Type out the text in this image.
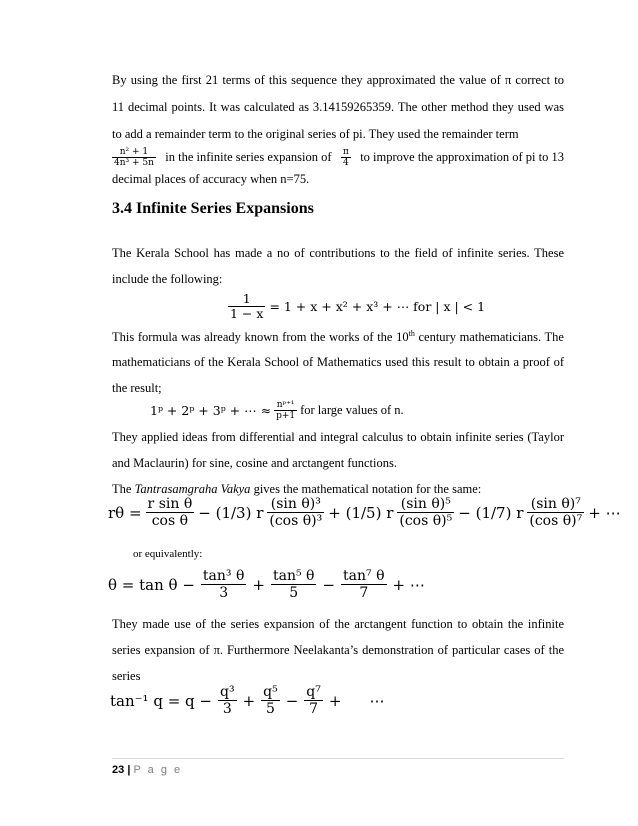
By using the first 21 terms of this sequence they approximated the value of π correct to
11 decimal points. It was calculated as 3.14159265359. The other method they used was
to add a remainder term to the original series of pi. They used the remainder term
$\frac{\text{n² + 1}}{\text{4n³ + 5n}}$ in the infinite series expansion of $\frac{\pi}{4}$ to improve the approximation of pi to 13
decimal places of accuracy when n=75.
3.4 Infinite Series Expansions
The Kerala School has made a no of contributions to the field of infinite series. These
include the following:
$\frac{1}{1 - x} = 1 + x + x^2 + x^3$ + ⋯ for | x | < 1
This formula was already known from the works of the 10th century mathematicians. The
mathematicians of the Kerala School of Mathematics used this result to obtain a proof of
the result;
1ᵖ + 2ᵖ + 3ᵖ + ⋯ ≈ $\frac{\text{nᵖ⁺¹}}{p+1}$ for large values of n.
They applied ideas from differential and integral calculus to obtain infinite series (Taylor
and Maclaurin) for sine, cosine and arctangent functions.
The Tantrasamgraha Vakya gives the mathematical notation for the same:
$r\theta = \frac{\text{r sin θ}}{\text{cos θ}} - (1/3)$ r $\frac{\text{(sin θ)³}}{\text{(cos θ)³}} + (1/5)$ r $\frac{\text{(sin θ)⁵}}{\text{(cos θ)⁵}} - (1/7)$ r $\frac{\text{(sin θ)⁷}}{\text{(cos θ)⁷}}$ + ⋯
or equivalently:
$\theta = \tan \theta - \frac{\text{tan³ θ}}{3} + \frac{\text{tan⁵ θ}}{5} - \frac{\text{tan⁷ θ}}{7}$ + ⋯
They made use of the series expansion of the arctangent function to obtain the infinite
series expansion of π. Furthermore Neelakanta’s demonstration of particular cases of the
series
tan⁻¹ $q = q - \frac{\text{q³}}{3} + \frac{\text{q⁵}}{5} - \frac{\text{q⁷}}{7}$ + ⋯
23 | P a g e
